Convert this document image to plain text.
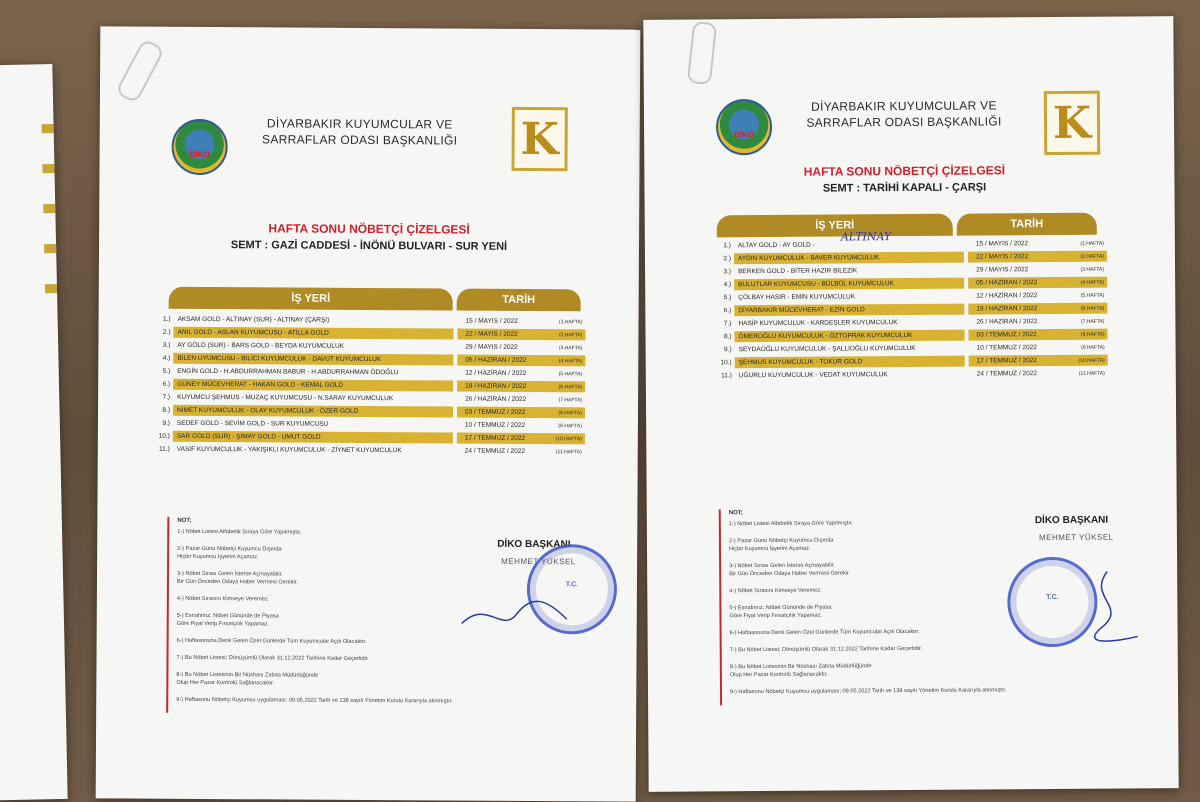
DİKO
DİYARBAKIR KUYUMCULAR VE SARRAFLAR ODASI BAŞKANLIĞI K
HAFTA SONU NÖBETÇİ ÇİZELGESİ
SEMT : GAZİ CADDESİ - İNÖNÜ BULVARI - SUR YENİ
İŞ YERİ	TARİH
1.)	AKSAM GOLD - ALTINAY (SUR) - ALTINAY (ÇARŞI)	15 / MAYIS / 2022	(1.HAFTA)
2.)	ANIL GOLD - ASLAN KUYUMCUSU - ATİLLA GOLD	22 / MAYIS / 2022	(2.HAFTA)
3.)	AY GOLD (SUR) - BARS GOLD - BEYDA KUYUMCULUK	29 / MAYIS / 2022	(3.HAFTA)
4.)	BİLEN UYUMCUSU - BİLİCİ KUYUMCULUK - DAVUT KUYUMCULUK	05 / HAZİRAN / 2022	(4.HAFTA)
5.)	ENGİN GOLD - H.ABDURRAHMAN BABUR - H.ABDURRAHMAN ÖDOĞLU	12 / HAZİRAN / 2022	(5.HAFTA)
6.)	GÜNEY MÜCEVHERAT - HAKAN GOLD - KEMAL GOLD	19 / HAZİRAN / 2022	(6.HAFTA)
7.)	KUYUMCU ŞEHMUS - MUZAÇ KUYUMCUSU - N.SARAY KUYUMCULUK	26 / HAZİRAN / 2022	(7.HAFTA)
8.)	NİMET KUYUMCULUK - OLAY KUYUMCULUK - ÖZER GOLD	03 / TEMMUZ / 2022	(8.HAFTA)
9.)	SEDEF GOLD - SEVİM GOLD - SUR KUYUMCUSU	10 / TEMMUZ / 2022	(9.HAFTA)
10.)	SAR GOLD (SUR) - ŞİMAY GOLD - UMUT GOLD	17 / TEMMUZ / 2022	(10.HAFTA)
11.)	VASIF KUYUMCULUK - YAKIŞIKLI KUYUMCULUK - ZİYNET KUYUMCULUK	24 / TEMMUZ / 2022	(11.HAFTA)
NOT;
1-) Nöbet Listesi Alfabetik Sıraya Göre Yapılmıştır.
2-) Pazar Günü Nöbetçi Kuyumcu Dışında
Hiçbir Kuyumcu İşyerini Açamaz.
3-) Nöbet Sırası Gelen İsterse Açmayabilir.
Bir Gün Önceden Odaya Haber Vermesi Gerekir.
4-) Nöbet Sırasını Kimseye Veremez.
5-) Esnafımız; Nöbet Gününde de Piyasa
Göre Fiyat Verip Fırsatçılık Yapamaz.
6-) Haftasonuna Denk Gelen Özel Günlerde Tüm Kuyumcular Açık Olacaktır.
7-) Bu Nöbet Listesi; Dönüşümlü Olarak 31.12.2022 Tarihine Kadar Geçerlidir.
8-) Bu Nöbet Listesinin Bir Nüshası Zabıta Müdürlüğünde
Olup Her Pazar Kontrolü Sağlanacaktır.
9-) Haftasonu Nöbetçi Kuyumcu uygulaması; 09.05.2022 Tarih ve 138 sayılı Yönetim Kurulu Kararıyla alınmıştır.
DİKO BAŞKANI
MEHMET YÜKSEL
T.C.
DİKO
DİYARBAKIR KUYUMCULAR VE SARRAFLAR ODASI BAŞKANLIĞI K
HAFTA SONU NÖBETÇİ ÇİZELGESİ
SEMT : TARİHİ KAPALI - ÇARŞI
İŞ YERİ	TARİH
1.)	ALTAY GOLD - AY GOLD -	15 / MAYIS / 2022	(1.HAFTA)
2.)	AYDIN KUYUMCULUK - BAVER KUYUMCULUK	22 / MAYIS / 2022	(2.HAFTA)
3.)	BERKEN GOLD - BİTER HAZIR BİLEZİK	29 / MAYIS / 2022	(3.HAFTA)
4.)	BULUTLAR KUYUMCUSU - BÜLBÜL KUYUMCULUK	05 / HAZİRAN / 2022	(4.HAFTA)
5.)	ÇÖLBAY HASIR - EMİN KUYUMCULUK	12 / HAZİRAN / 2022	(5.HAFTA)
6.)	DİYARBAKIR MÜCEVHERAT - EZİN GOLD	19 / HAZİRAN / 2022	(6.HAFTA)
7.)	HASİP KUYUMCULUK - KARDEŞLER KUYUMCULUK	26 / HAZİRAN / 2022	(7.HAFTA)
8.)	ÖMEROĞLU KUYUMCULUK - ÖZTOPRAK KUYUMCULUK	03 / TEMMUZ / 2022	(8.HAFTA)
9.)	SEYDAOĞLU KUYUMCULUK - ŞALLIOĞLU KUYUMCULUK	10 / TEMMUZ / 2022	(9.HAFTA)
10.)	ŞEHMUS KUYUMCULUK - TOKUR GOLD	17 / TEMMUZ / 2022	(10.HAFTA)
11.)	UĞURLU KUYUMCULUK - VEDAT KUYUMCULUK	24 / TEMMUZ / 2022	(11.HAFTA)
ALTINAY
NOT;
1-) Nöbet Listesi Alfabetik Sıraya Göre Yapılmıştır.
2-) Pazar Günü Nöbetçi Kuyumcu Dışında
Hiçbir Kuyumcu İşyerini Açamaz.
3-) Nöbet Sırası Gelen İsterse Açmayabilir.
Bir Gün Önceden Odaya Haber Vermesi Gerekir.
4-) Nöbet Sırasını Kimseye Veremez.
5-) Esnafımız; Nöbet Gününde de Piyasa
Göre Fiyat Verip Fırsatçılık Yapamaz.
6-) Haftasonuna Denk Gelen Özel Günlerde Tüm Kuyumcular Açık Olacaktır.
7-) Bu Nöbet Listesi; Dönüşümlü Olarak 31.12.2022 Tarihine Kadar Geçerlidir.
8-) Bu Nöbet Listesinin Bir Nüshası Zabıta Müdürlüğünde
Olup Her Pazar Kontrolü Sağlanacaktır.
9-) Haftasonu Nöbetçi Kuyumcu uygulaması; 09.05.2022 Tarih ve 138 sayılı Yönetim Kurulu Kararıyla alınmıştır.
DİKO BAŞKANI
MEHMET YÜKSEL
T.C.
